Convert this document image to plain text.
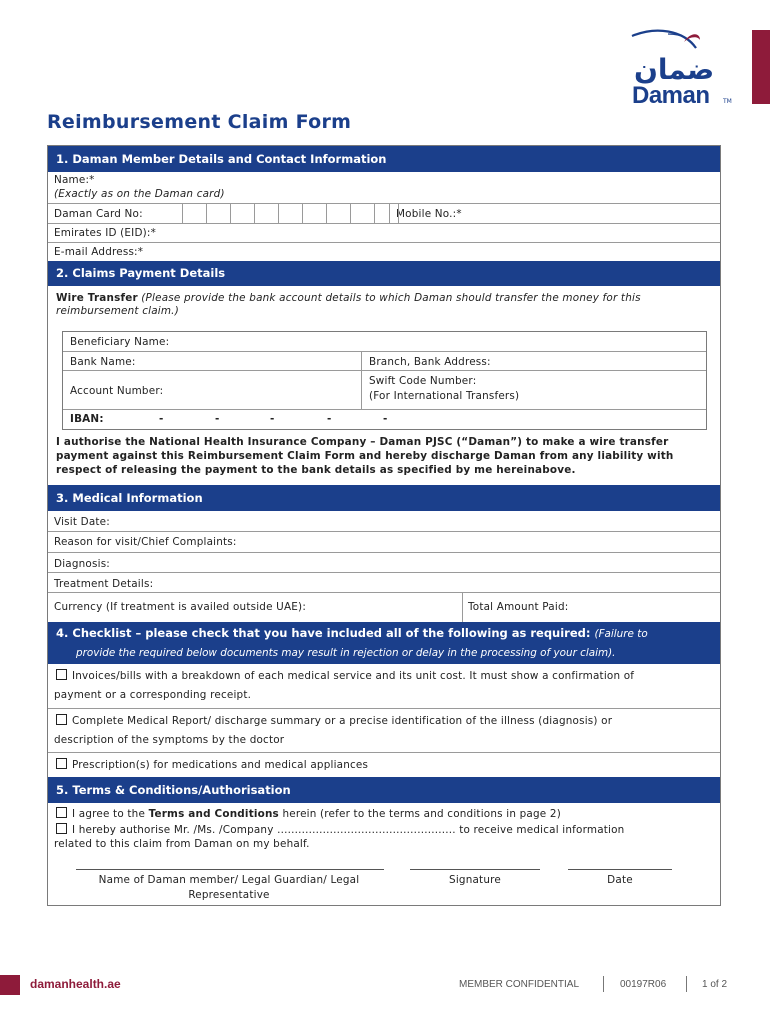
ضمان
Daman TM
Reimbursement Claim Form
1. Daman Member Details and Contact Information
Name:*
(Exactly as on the Daman card)
Daman Card No:	Mobile No.:*
Emirates ID (EID):*
E-mail Address:*
2. Claims Payment Details
Wire Transfer (Please provide the bank account details to which Daman should transfer the money for this
reimbursement claim.)
Beneficiary Name:
Bank Name:	Branch, Bank Address:
Account Number:
Swift Code Number:
(For International Transfers)
IBAN:	-	-	-	-	-
I authorise the National Health Insurance Company – Daman PJSC (“Daman”) to make a wire transfer
payment against this Reimbursement Claim Form and hereby discharge Daman from any liability with
respect of releasing the payment to the bank details as specified by me hereinabove.
3. Medical Information
Visit Date:
Reason for visit/Chief Complaints:
Diagnosis:
Treatment Details:
Currency (If treatment is availed outside UAE):	Total Amount Paid:
4. Checklist – please check that you have included all of the following as required: (Failure to
provide the required below documents may result in rejection or delay in the processing of your claim).
Invoices/bills with a breakdown of each medical service and its unit cost. It must show a confirmation of
payment or a corresponding receipt.
Complete Medical Report/ discharge summary or a precise identification of the illness (diagnosis) or
description of the symptoms by the doctor
Prescription(s) for medications and medical appliances
5. Terms & Conditions/Authorisation
I agree to the Terms and Conditions herein (refer to the terms and conditions in page 2)
I hereby authorise Mr. /Ms. /Company ................................................... to receive medical information
related to this claim from Daman on my behalf.
Name of Daman member/ Legal Guardian/ Legal
Representative
Signature	Date
damanhealth.ae	MEMBER CONFIDENTIAL	00197R06	1 of 2
